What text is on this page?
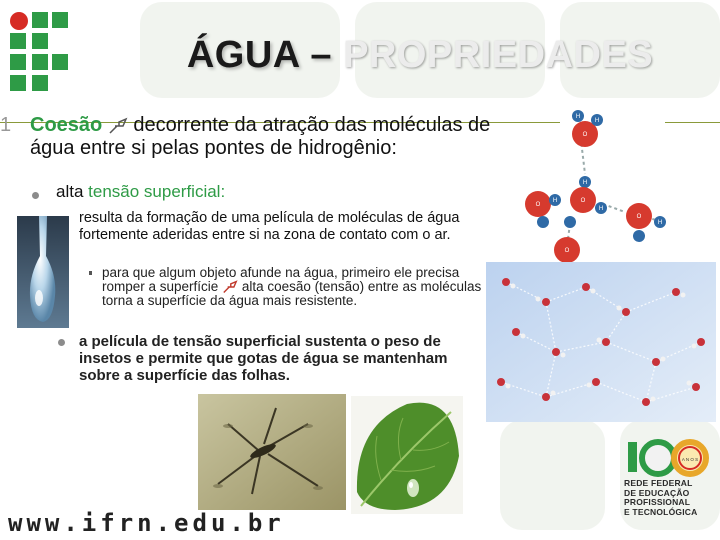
ÁGUA – PROPRIEDADES
O
H
H
H
O
H	O
H
O
H
O
1 Coesão decorrente da atração das moléculas de água entre si pelas pontes de hidrogênio:
alta tensão superficial:
resulta da formação de uma película de moléculas de água fortemente aderidas entre si na zona de contato com o ar.
para que algum objeto afunde na água, primeiro ele precisa romper a superfície alta coesão (tensão) entre as moléculas torna a superfície da água mais resistente.
a película de tensão superficial sustenta o peso de insetos e permite que gotas de água se mantenham sobre a superfície das folhas.
www.ifrn.edu.br
A N O S
REDE FEDERAL
DE EDUCAÇÃO
PROFISSIONAL
E TECNOLÓGICA
